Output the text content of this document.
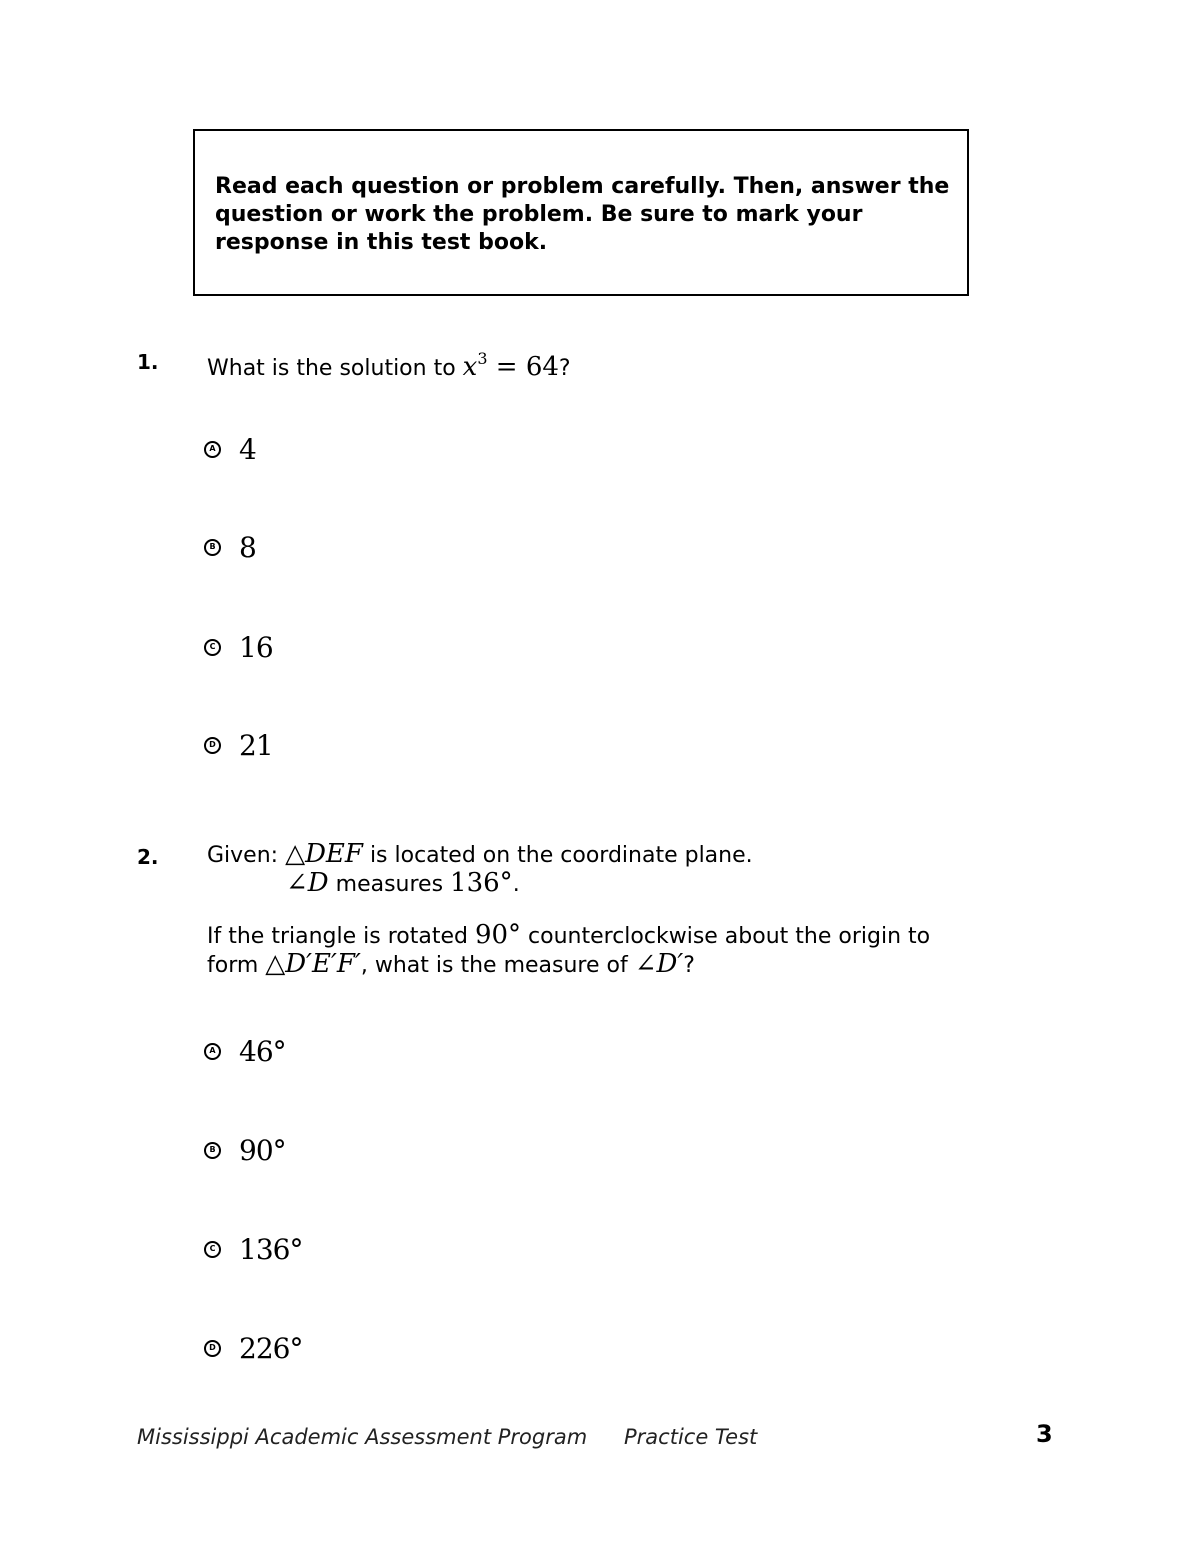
Read each question or problem carefully. Then, answer the question or work the problem. Be sure to mark your response in this test book.
1. What is the solution to $x^3 = 64$?
A 4
B 8
C 16
D 21
2. Given: △DEF is located on the coordinate plane.
∠D measures 136°.
If the triangle is rotated 90° counterclockwise about the origin to
form △D′E′F′, what is the measure of ∠D′?
A 46°
B 90°
C 136°
D 226°
Mississippi Academic Assessment Program Practice Test	3
